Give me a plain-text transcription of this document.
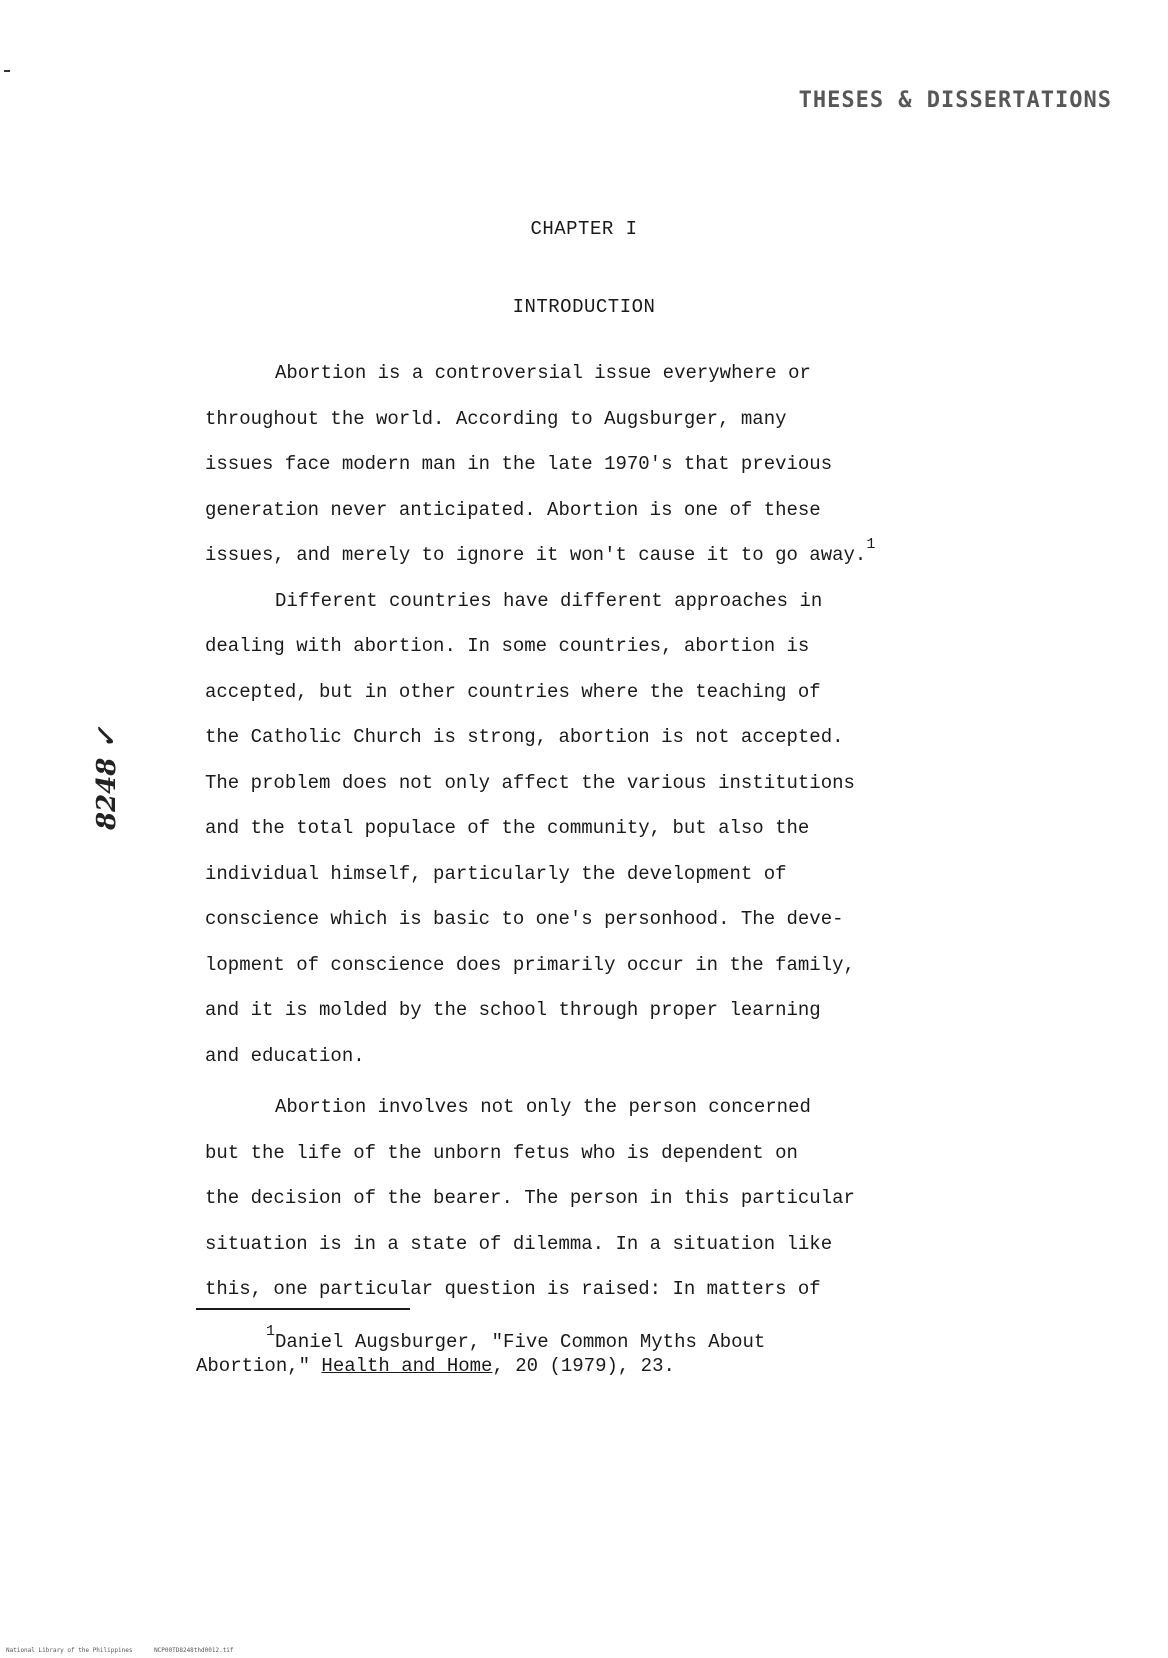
THESES & DISSERTATIONS
CHAPTER I
INTRODUCTION
8248 ✓
Abortion is a controversial issue everywhere or
throughout the world. According to Augsburger, many
issues face modern man in the late 1970's that previous
generation never anticipated. Abortion is one of these
issues, and merely to ignore it won't cause it to go away.$^1$
Different countries have different approaches in
dealing with abortion. In some countries, abortion is
accepted, but in other countries where the teaching of
the Catholic Church is strong, abortion is not accepted.
The problem does not only affect the various institutions
and the total populace of the community, but also the
individual himself, particularly the development of
conscience which is basic to one's personhood. The deve-
lopment of conscience does primarily occur in the family,
and it is molded by the school through proper learning
and education.
Abortion involves not only the person concerned
but the life of the unborn fetus who is dependent on
the decision of the bearer. The person in this particular
situation is in a state of dilemma. In a situation like
this, one particular question is raised: In matters of
$^1$Daniel Augsburger, "Five Common Myths About
Abortion," Health and Home, 20 (1979), 23.
National Library of the Philippines	NCP00TD8248thd0012.tif
